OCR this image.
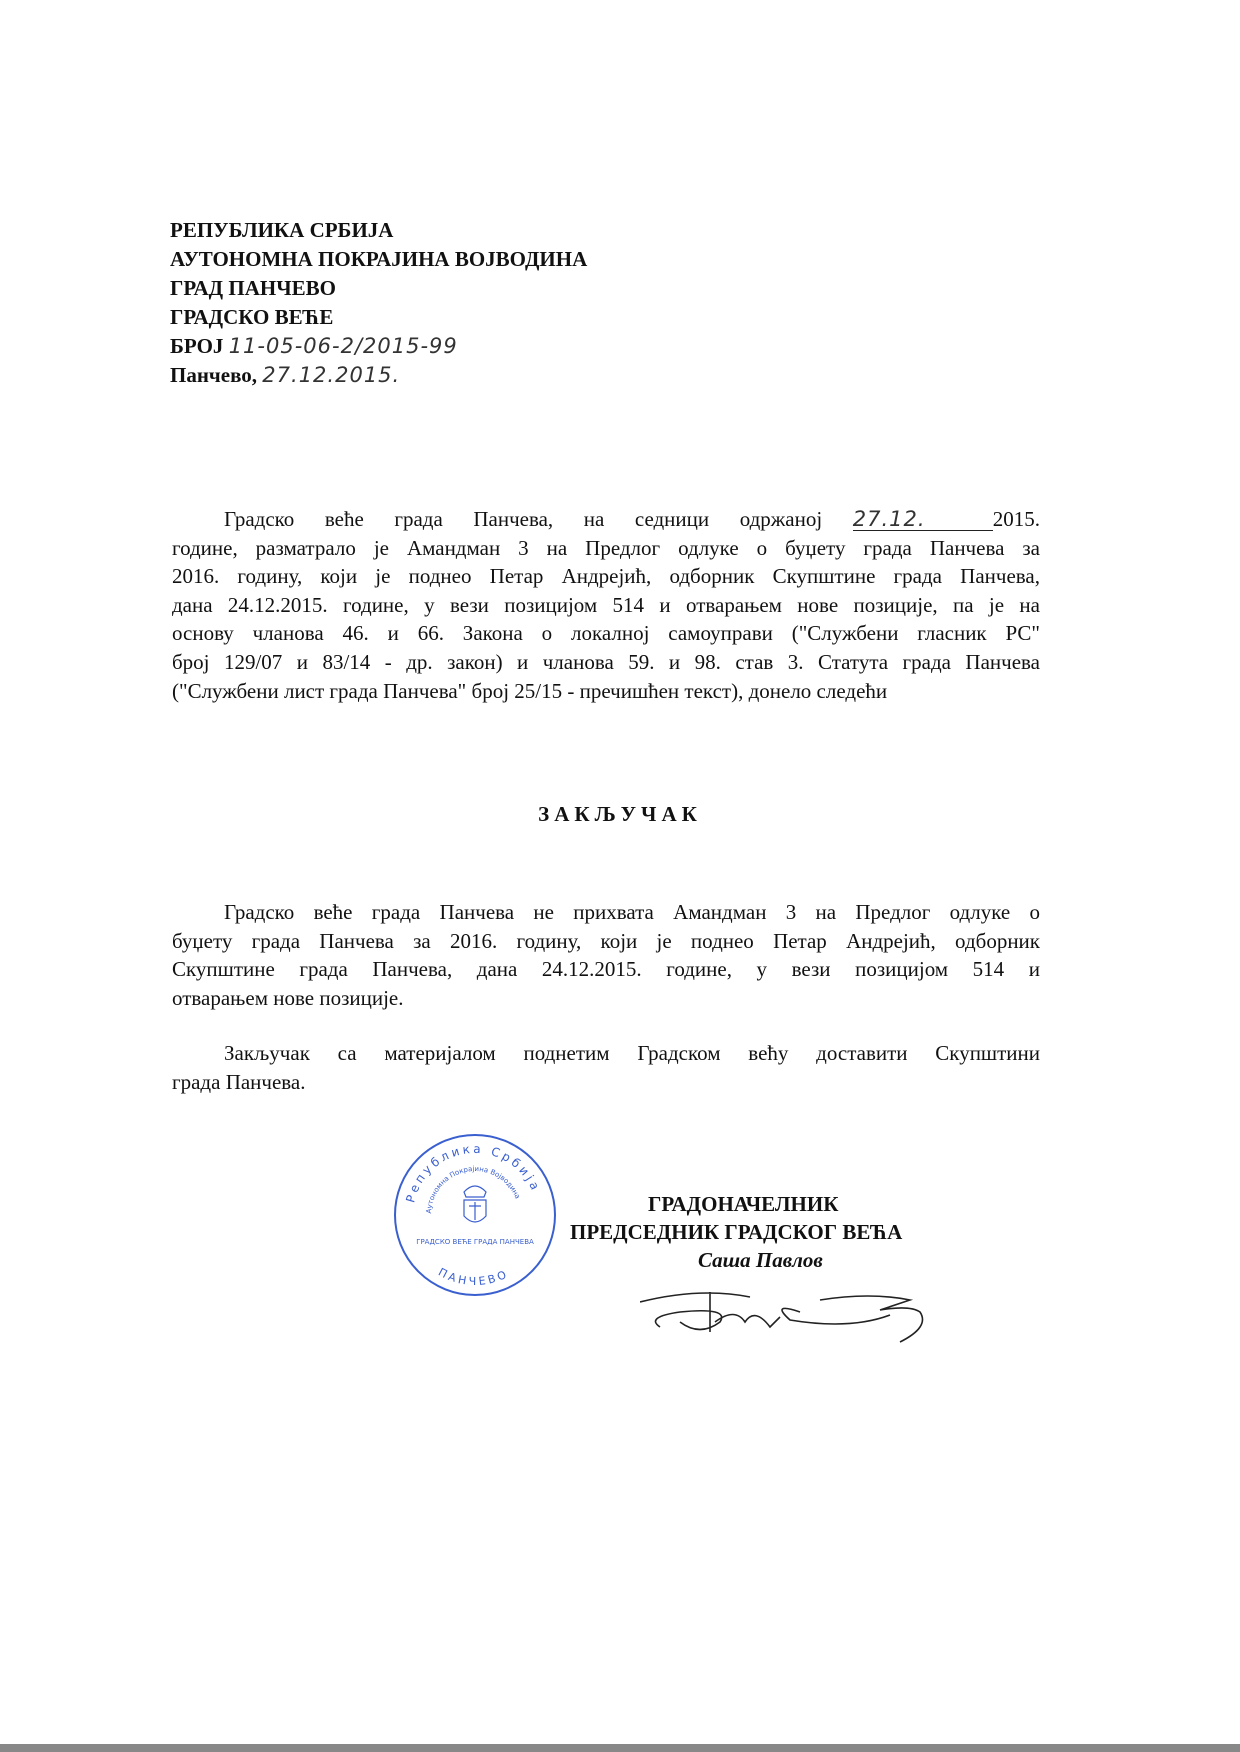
РЕПУБЛИКА СРБИЈА
АУТОНОМНА ПОКРАЈИНА ВОЈВОДИНА
ГРАД ПАНЧЕВО
ГРАДСКО ВЕЋЕ
БРОЈ 11-05-06-2/2015-99
Панчево, 27.12.2015.
Градско веће града Панчева, на седници одржаној 27.12.	2015.
године, разматрало је Амандман 3 на Предлог одлуке о буџету града Панчева за
2016. годину, који је поднео Петар Андрејић, одборник Скупштине града Панчева,
дана 24.12.2015. године, у вези позицијом 514 и отварањем нове позиције, па је на
основу чланова 46. и 66. Закона о локалној самоуправи ("Службени гласник РС"
број 129/07 и 83/14 - др. закон) и чланова 59. и 98. став 3. Статута града Панчева
("Службени лист града Панчева" број 25/15 - пречишћен текст), донело следећи
ЗАКЉУЧАК
Градско веће града Панчева не прихвата Амандман 3 на Предлог одлуке о
буџету града Панчева за 2016. годину, који је поднео Петар Андрејић, одборник
Скупштине града Панчева, дана 24.12.2015. године, у вези позицијом 514 и
отварањем нове позиције.
Закључак са материјалом поднетим Градском већу доставити Скупштини
града Панчева.
Република Србија
Аутономна Покрајина Војводина
ПАНЧЕВО
ГРАДСКО ВЕЋЕ ГРАДА ПАНЧЕВА
ГРАДОНАЧЕЛНИК
ПРЕДСЕДНИК ГРАДСКОГ ВЕЋА
Саша Павлов
